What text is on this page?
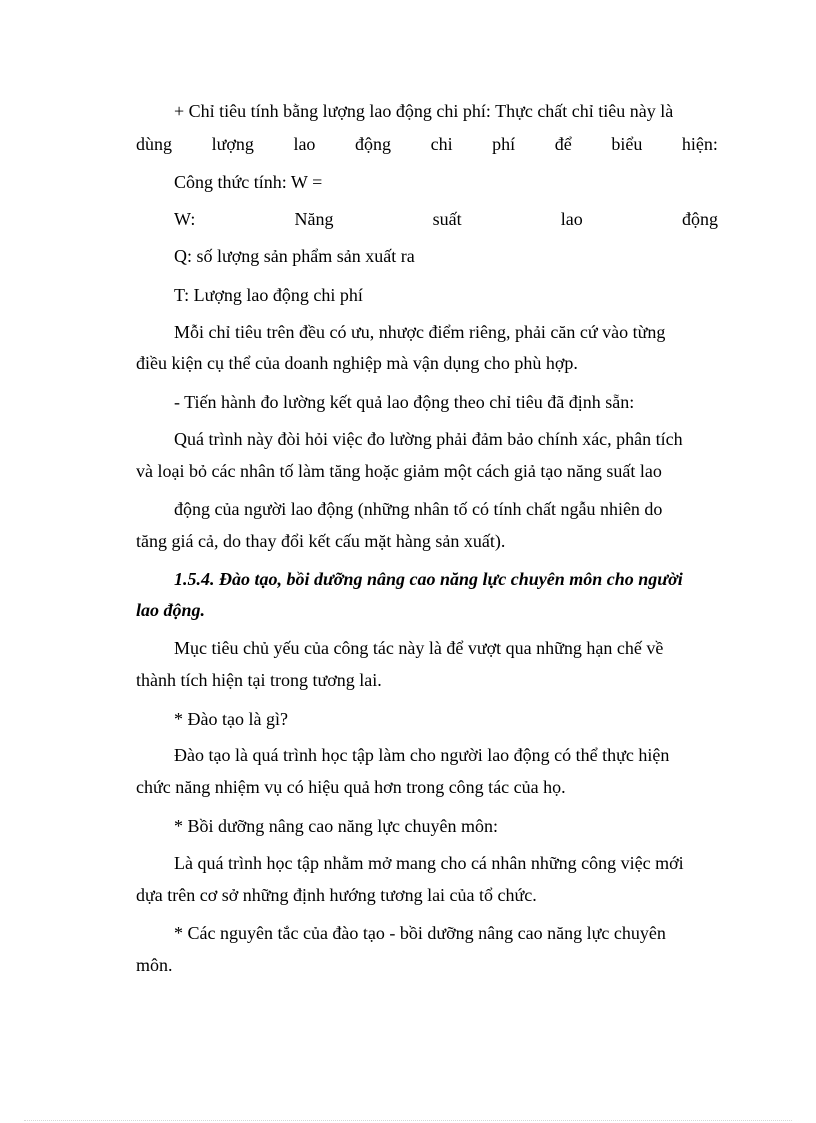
+ Chỉ tiêu tính bằng lượng lao động chi phí: Thực chất chỉ tiêu này là
dùng lượng lao động chi phí để biểu hiện:
Công thức tính: W =
W:	Năng	suất	lao	động
Q: số lượng sản phẩm sản xuất ra
T: Lượng lao động chi phí
Mỗi chỉ tiêu trên đều có ưu, nhược điểm riêng, phải căn cứ vào từng
điều kiện cụ thể của doanh nghiệp mà vận dụng cho phù hợp.
- Tiến hành đo lường kết quả lao động theo chỉ tiêu đã định sẵn:
Quá trình này đòi hỏi việc đo lường phải đảm bảo chính xác, phân tích
và loại bỏ các nhân tố làm tăng hoặc giảm một cách giả tạo năng suất lao
động của người lao động (những nhân tố có tính chất ngẫu nhiên do
tăng giá cả, do thay đổi kết cấu mặt hàng sản xuất).
1.5.4. Đào tạo, bồi dưỡng nâng cao năng lực chuyên môn cho người
lao động.
Mục tiêu chủ yếu của công tác này là để vượt qua những hạn chế về
thành tích hiện tại trong tương lai.
* Đào tạo là gì?
Đào tạo là quá trình học tập làm cho người lao động có thể thực hiện
chức năng nhiệm vụ có hiệu quả hơn trong công tác của họ.
* Bồi dưỡng nâng cao năng lực chuyên môn:
Là quá trình học tập nhằm mở mang cho cá nhân những công việc mới
dựa trên cơ sở những định hướng tương lai của tổ chức.
* Các nguyên tắc của đào tạo - bồi dưỡng nâng cao năng lực chuyên
môn.
